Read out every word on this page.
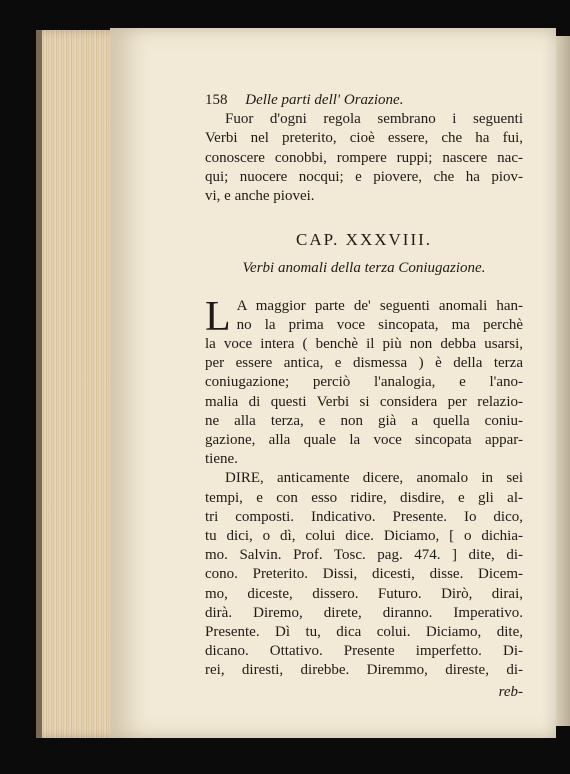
158 Delle parti dell' Orazione.
Fuor d'ogni regola sembrano i seguenti
Verbi nel preterito, cioè essere, che ha fui,
conoscere conobbi, rompere ruppi; nascere nac-
qui; nuocere nocqui; e piovere, che ha piov-
vi, e anche piovei.
CAP. XXXVIII.
Verbi anomali della terza Coniugazione.
L A maggior parte de' seguenti anomali han-
no la prima voce sincopata, ma perchè
la voce intera ( benchè il più non debba usarsi,
per essere antica, e dismessa ) è della terza
coniugazione; perciò l'analogia, e l'ano-
malia di questi Verbi si considera per relazio-
ne alla terza, e non già a quella coniu-
gazione, alla quale la voce sincopata appar-
tiene.
DIRE, anticamente dicere, anomalo in sei
tempi, e con esso ridire, disdire, e gli al-
tri composti. Indicativo. Presente. Io dico,
tu dici, o dì, colui dice. Diciamo, [ o dichia-
mo. Salvin. Prof. Tosc. pag. 474. ] dite, di-
cono. Preterito. Dissi, dicesti, disse. Dicem-
mo, diceste, dissero. Futuro. Dirò, dirai,
dirà. Diremo, direte, diranno. Imperativo.
Presente. Dì tu, dica colui. Diciamo, dite,
dicano. Ottativo. Presente imperfetto. Di-
rei, diresti, direbbe. Diremmo, direste, di-
reb-
